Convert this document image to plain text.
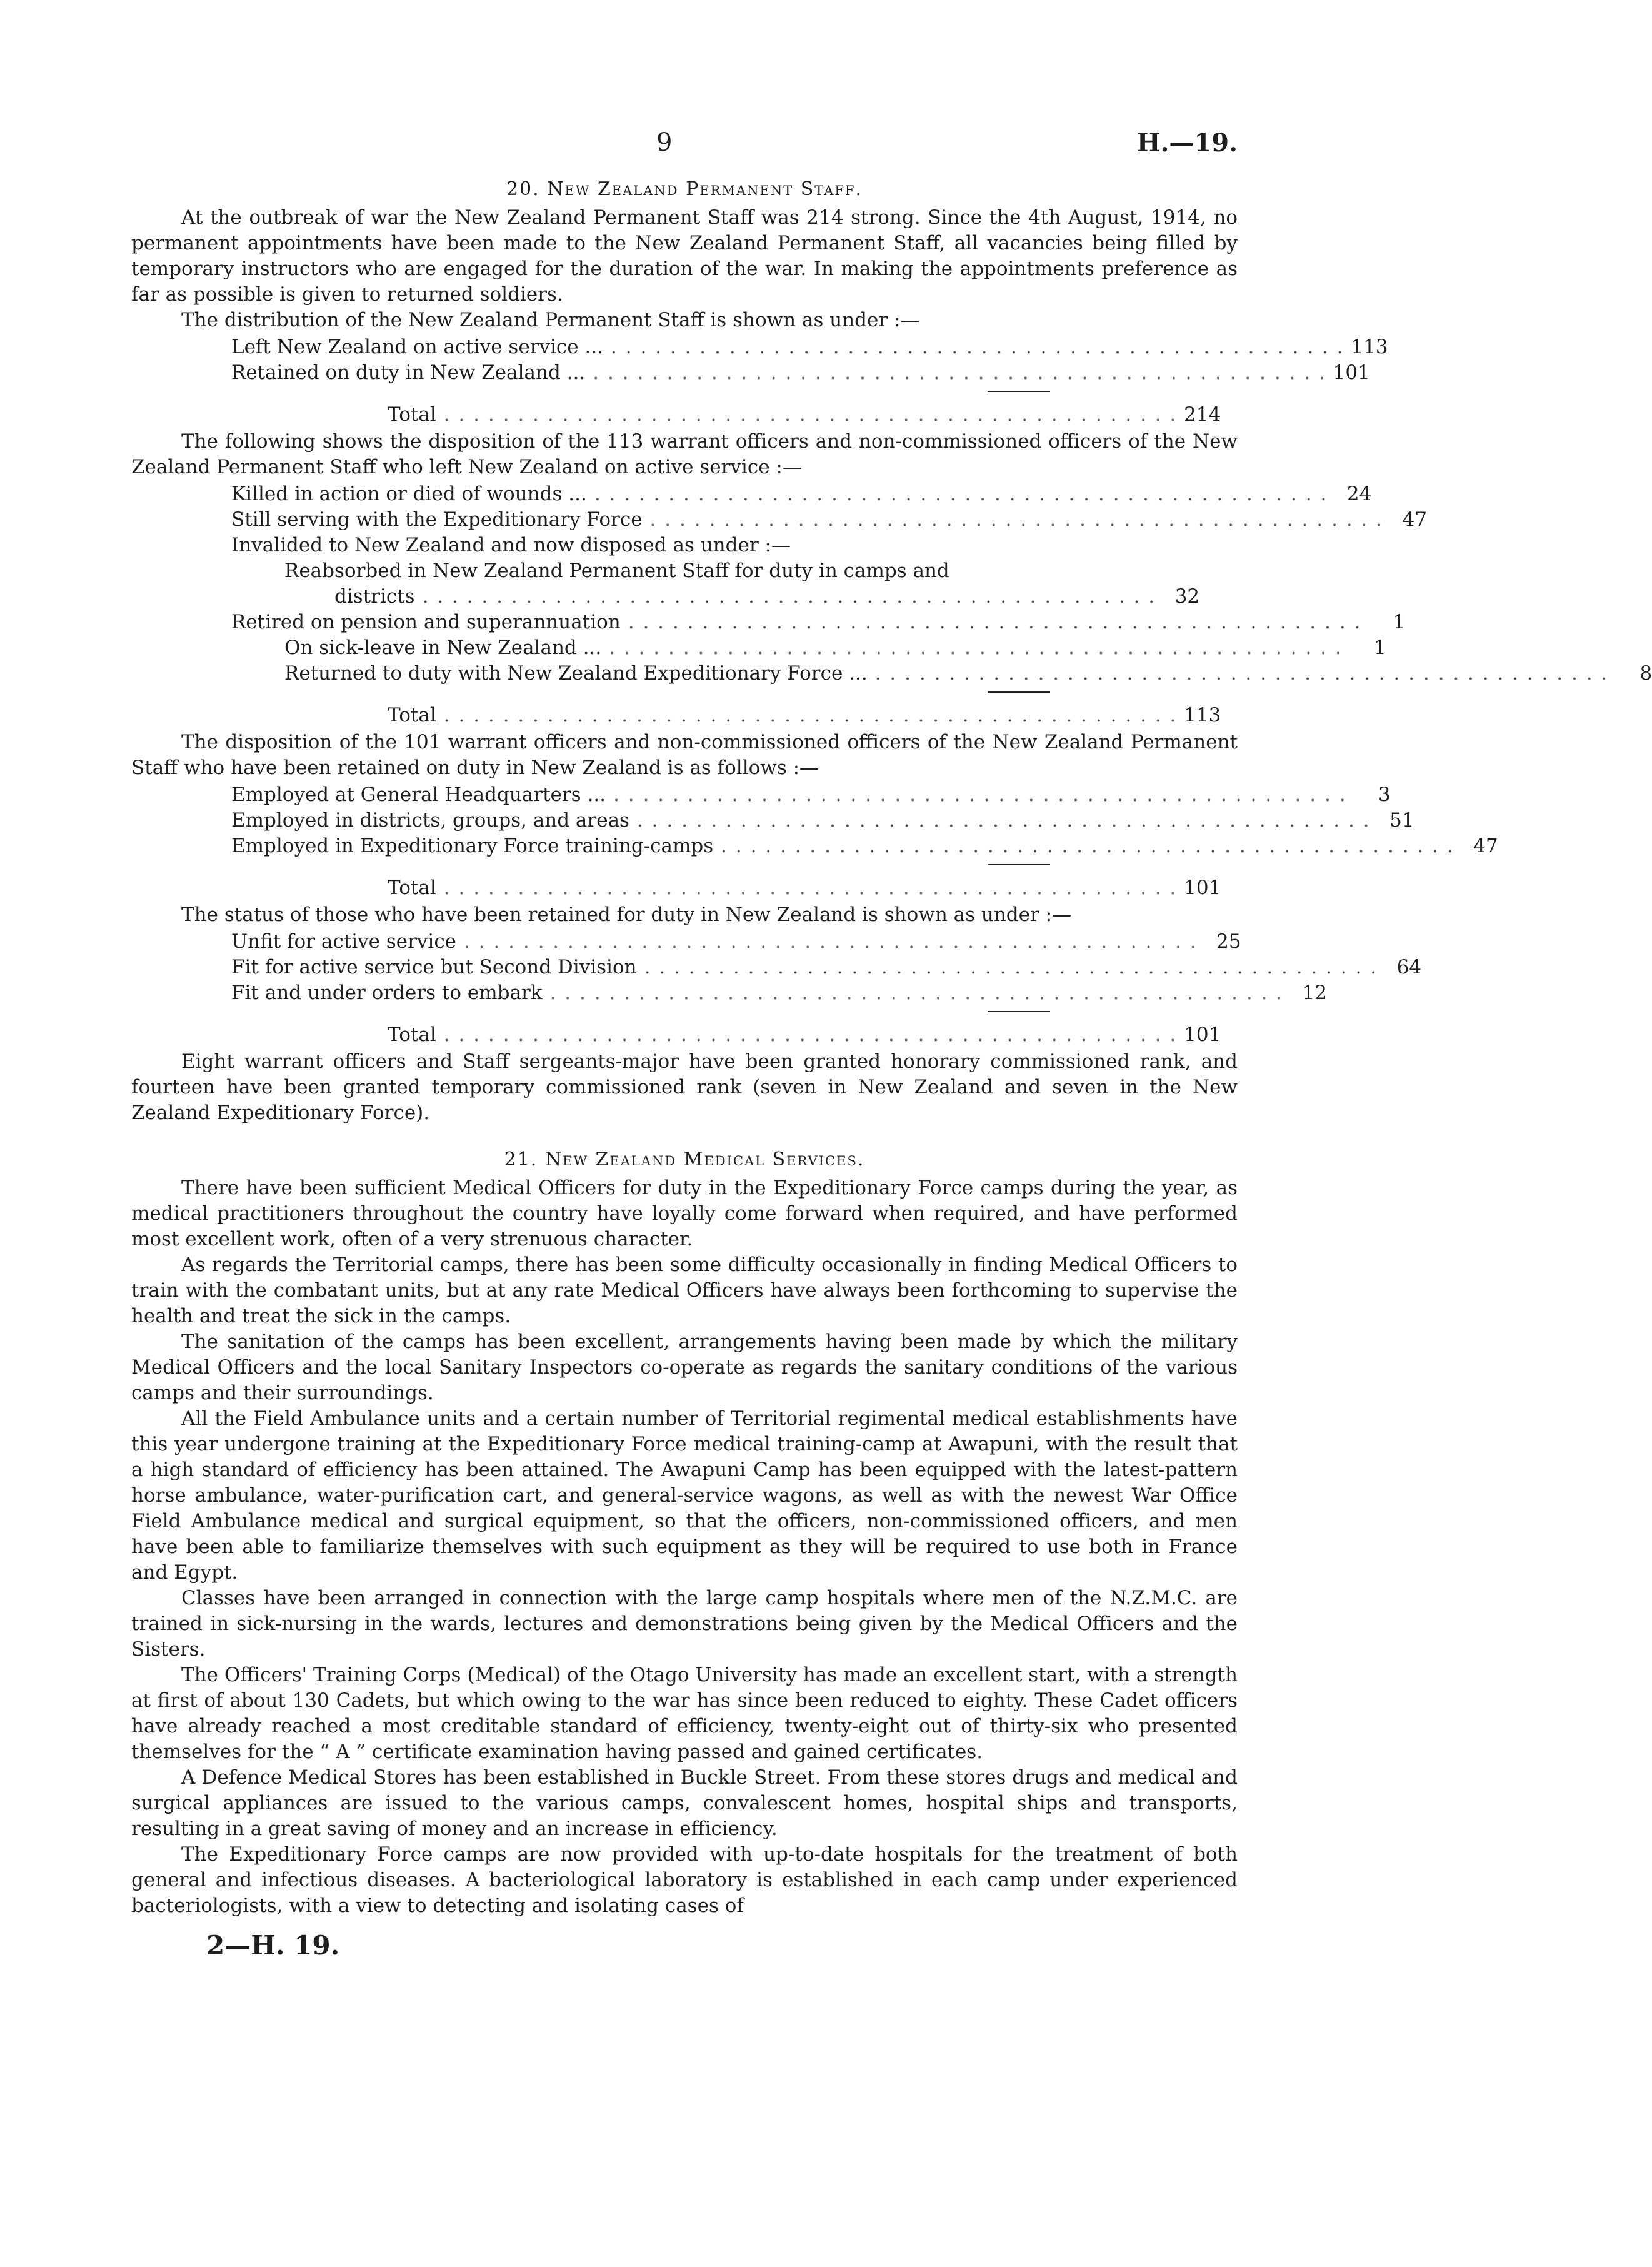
9	H.—19.
20. New Zealand Permanent Staff.

At the outbreak of war the New Zealand Permanent Staff was 214 strong. Since the 4th August, 1914, no permanent appointments have been made to the New Zealand Permanent Staff, all vacancies being filled by temporary instructors who are engaged for the duration of the war. In making the appointments preference as far as possible is given to returned soldiers.

The distribution of the New Zealand Permanent Staff is shown as under :—

Left New Zealand on active service ... . . . . . . . . . . . . . . . . . . . . . . . . . . . . . . . . . . . . . . . . . . . . . . . . . . 113
Retained on duty in New Zealand ... . . . . . . . . . . . . . . . . . . . . . . . . . . . . . . . . . . . . . . . . . . . . . . . . . . 101
Total . . . . . . . . . . . . . . . . . . . . . . . . . . . . . . . . . . . . . . . . . . . . . . . . . . 214

The following shows the disposition of the 113 warrant officers and non-commissioned officers of the New Zealand Permanent Staff who left New Zealand on active service :—

Killed in action or died of wounds ... . . . . . . . . . . . . . . . . . . . . . . . . . . . . . . . . . . . . . . . . . . . . . . . . . . 24
Still serving with the Expeditionary Force . . . . . . . . . . . . . . . . . . . . . . . . . . . . . . . . . . . . . . . . . . . . . . . . . . 47
Invalided to New Zealand and now disposed as under :—
Reabsorbed in New Zealand Permanent Staff for duty in camps and
districts . . . . . . . . . . . . . . . . . . . . . . . . . . . . . . . . . . . . . . . . . . . . . . . . . . 32
Retired on pension and superannuation . . . . . . . . . . . . . . . . . . . . . . . . . . . . . . . . . . . . . . . . . . . . . . . . . .	1
On sick-leave in New Zealand ... . . . . . . . . . . . . . . . . . . . . . . . . . . . . . . . . . . . . . . . . . . . . . . . . . .	1
Returned to duty with New Zealand Expeditionary Force ... . . . . . . . . . . . . . . . . . . . . . . . . . . . . . . . . . . . . . . . . . . . . . . . . . .	8
Total . . . . . . . . . . . . . . . . . . . . . . . . . . . . . . . . . . . . . . . . . . . . . . . . . . 113

The disposition of the 101 warrant officers and non-commissioned officers of the New Zealand Permanent Staff who have been retained on duty in New Zealand is as follows :—

Employed at General Headquarters ... . . . . . . . . . . . . . . . . . . . . . . . . . . . . . . . . . . . . . . . . . . . . . . . . . .	3
Employed in districts, groups, and areas . . . . . . . . . . . . . . . . . . . . . . . . . . . . . . . . . . . . . . . . . . . . . . . . . . 51
Employed in Expeditionary Force training-camps . . . . . . . . . . . . . . . . . . . . . . . . . . . . . . . . . . . . . . . . . . . . . . . . . . 47
Total . . . . . . . . . . . . . . . . . . . . . . . . . . . . . . . . . . . . . . . . . . . . . . . . . . 101

The status of those who have been retained for duty in New Zealand is shown as under :—

Unfit for active service . . . . . . . . . . . . . . . . . . . . . . . . . . . . . . . . . . . . . . . . . . . . . . . . . . 25
Fit for active service but Second Division . . . . . . . . . . . . . . . . . . . . . . . . . . . . . . . . . . . . . . . . . . . . . . . . . . 64
Fit and under orders to embark . . . . . . . . . . . . . . . . . . . . . . . . . . . . . . . . . . . . . . . . . . . . . . . . . . 12
Total . . . . . . . . . . . . . . . . . . . . . . . . . . . . . . . . . . . . . . . . . . . . . . . . . . 101

Eight warrant officers and Staff sergeants-major have been granted honorary commissioned rank, and fourteen have been granted temporary commissioned rank (seven in New Zealand and seven in the New Zealand Expeditionary Force).

21. New Zealand Medical Services.

There have been sufficient Medical Officers for duty in the Expeditionary Force camps during the year, as medical practitioners throughout the country have loyally come forward when required, and have performed most excellent work, often of a very strenuous character.

As regards the Territorial camps, there has been some difficulty occasionally in finding Medical Officers to train with the combatant units, but at any rate Medical Officers have always been forthcoming to supervise the health and treat the sick in the camps.

The sanitation of the camps has been excellent, arrangements having been made by which the military Medical Officers and the local Sanitary Inspectors co-operate as regards the sanitary conditions of the various camps and their surroundings.

All the Field Ambulance units and a certain number of Territorial regimental medical establishments have this year undergone training at the Expeditionary Force medical training-camp at Awapuni, with the result that a high standard of efficiency has been attained. The Awapuni Camp has been equipped with the latest-pattern horse ambulance, water-purification cart, and general-service wagons, as well as with the newest War Office Field Ambulance medical and surgical equipment, so that the officers, non-commissioned officers, and men have been able to familiarize themselves with such equipment as they will be required to use both in France and Egypt.

Classes have been arranged in connection with the large camp hospitals where men of the N.Z.M.C. are trained in sick-nursing in the wards, lectures and demonstrations being given by the Medical Officers and the Sisters.

The Officers' Training Corps (Medical) of the Otago University has made an excellent start, with a strength at first of about 130 Cadets, but which owing to the war has since been reduced to eighty. These Cadet officers have already reached a most creditable standard of efficiency, twenty-eight out of thirty-six who presented themselves for the “ A ” certificate examination having passed and gained certificates.

A Defence Medical Stores has been established in Buckle Street. From these stores drugs and medical and surgical appliances are issued to the various camps, convalescent homes, hospital ships and transports, resulting in a great saving of money and an increase in efficiency.

The Expeditionary Force camps are now provided with up-to-date hospitals for the treatment of both general and infectious diseases. A bacteriological laboratory is established in each camp under experienced bacteriologists, with a view to detecting and isolating cases of

2—H. 19.
